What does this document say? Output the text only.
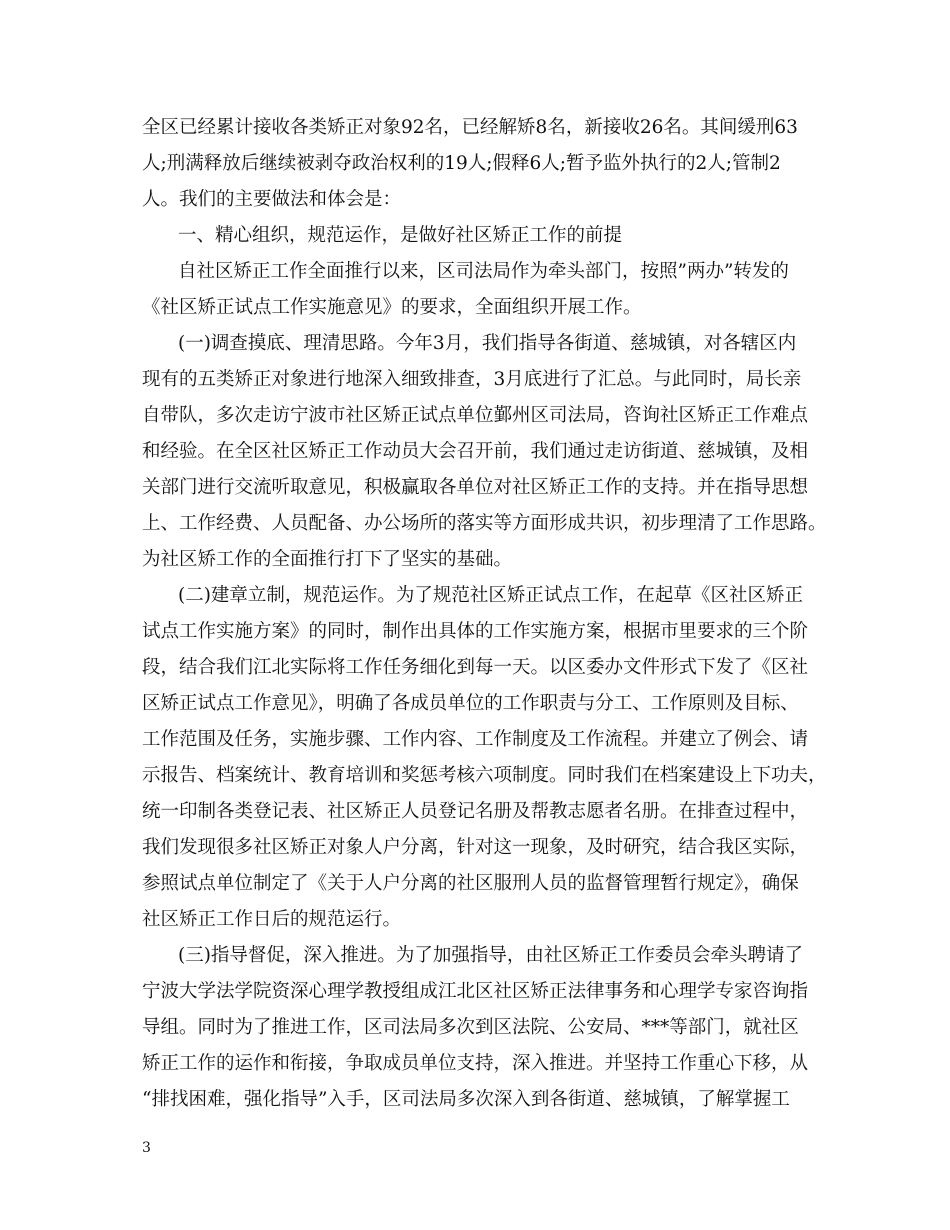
全区已经累计接收各类矫正对象92名，已经解矫8名，新接收26名。其间缓刑63
人;刑满释放后继续被剥夺政治权利的19人;假释6人;暂予监外执行的2人;管制2
人。我们的主要做法和体会是：
一、精心组织，规范运作，是做好社区矫正工作的前提
自社区矫正工作全面推行以来，区司法局作为牵头部门，按照”两办”转发的
《社区矫正试点工作实施意见》的要求，全面组织开展工作。
(一)调查摸底、理清思路。今年3月，我们指导各街道、慈城镇，对各辖区内
现有的五类矫正对象进行地深入细致排查，3月底进行了汇总。与此同时，局长亲
自带队，多次走访宁波市社区矫正试点单位鄞州区司法局，咨询社区矫正工作难点
和经验。在全区社区矫正工作动员大会召开前，我们通过走访街道、慈城镇，及相
关部门进行交流听取意见，积极赢取各单位对社区矫正工作的支持。并在指导思想
上、工作经费、人员配备、办公场所的落实等方面形成共识，初步理清了工作思路。
为社区矫工作的全面推行打下了坚实的基础。
(二)建章立制，规范运作。为了规范社区矫正试点工作，在起草《区社区矫正
试点工作实施方案》的同时，制作出具体的工作实施方案，根据市里要求的三个阶
段，结合我们江北实际将工作任务细化到每一天。以区委办文件形式下发了《区社
区矫正试点工作意见》，明确了各成员单位的工作职责与分工、工作原则及目标、
工作范围及任务，实施步骤、工作内容、工作制度及工作流程。并建立了例会、请
示报告、档案统计、教育培训和奖惩考核六项制度。同时我们在档案建设上下功夫，
统一印制各类登记表、社区矫正人员登记名册及帮教志愿者名册。在排查过程中，
我们发现很多社区矫正对象人户分离，针对这一现象，及时研究，结合我区实际，
参照试点单位制定了《关于人户分离的社区服刑人员的监督管理暂行规定》，确保
社区矫正工作日后的规范运行。
(三)指导督促，深入推进。为了加强指导，由社区矫正工作委员会牵头聘请了
宁波大学法学院资深心理学教授组成江北区社区矫正法律事务和心理学专家咨询指
导组。同时为了推进工作，区司法局多次到区法院、公安局、***等部门，就社区
矫正工作的运作和衔接，争取成员单位支持，深入推进。并坚持工作重心下移，从
“排找困难，强化指导”入手，区司法局多次深入到各街道、慈城镇，了解掌握工
3
